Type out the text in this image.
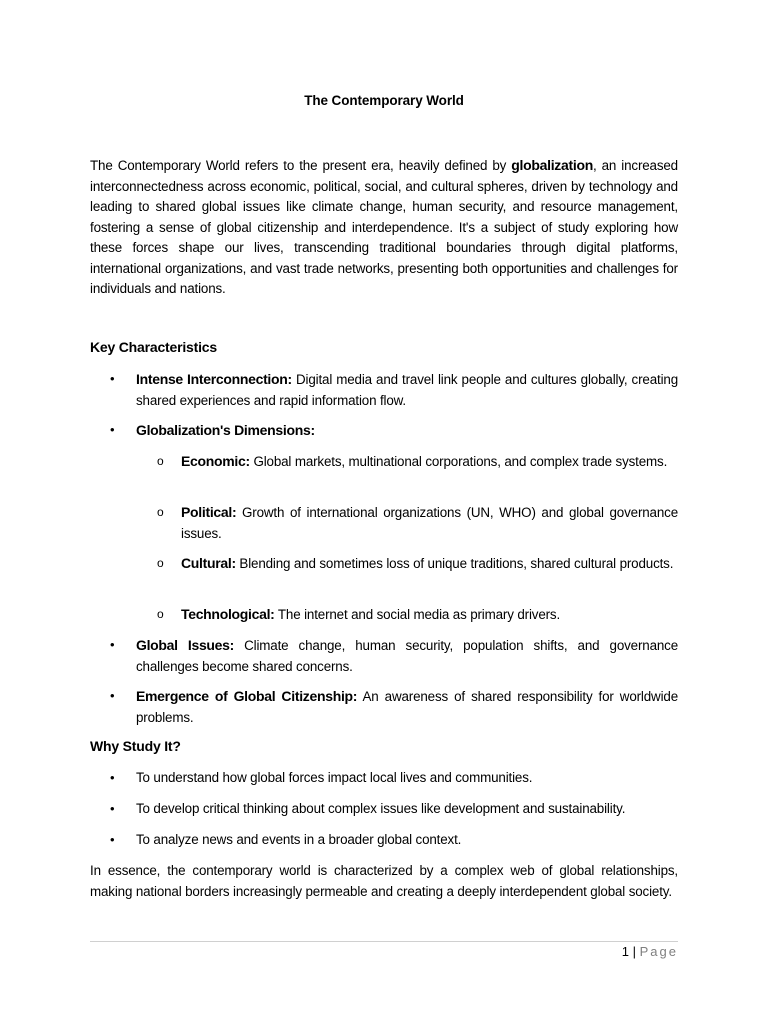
The Contemporary World

The Contemporary World refers to the present era, heavily defined by globalization, an increased interconnectedness across economic, political, social, and cultural spheres, driven by technology and leading to shared global issues like climate change, human security, and resource management, fostering a sense of global citizenship and interdependence. It's a subject of study exploring how these forces shape our lives, transcending traditional boundaries through digital platforms, international organizations, and vast trade networks, presenting both opportunities and challenges for individuals and nations.

Key Characteristics
•	Intense Interconnection: Digital media and travel link people and cultures globally, creating shared experiences and rapid information flow.
•	Globalization's Dimensions:
o Economic: Global markets, multinational corporations, and complex trade systems.
o Political: Growth of international organizations (UN, WHO) and global governance issues.
o Cultural: Blending and sometimes loss of unique traditions, shared cultural products.
o Technological: The internet and social media as primary drivers.
•	Global Issues: Climate change, human security, population shifts, and governance challenges become shared concerns.
•	Emergence of Global Citizenship: An awareness of shared responsibility for worldwide problems.
Why Study It?
•	To understand how global forces impact local lives and communities.
•	To develop critical thinking about complex issues like development and sustainability.
•	To analyze news and events in a broader global context.

In essence, the contemporary world is characterized by a complex web of global relationships, making national borders increasingly permeable and creating a deeply interdependent global society.

1 | Page
